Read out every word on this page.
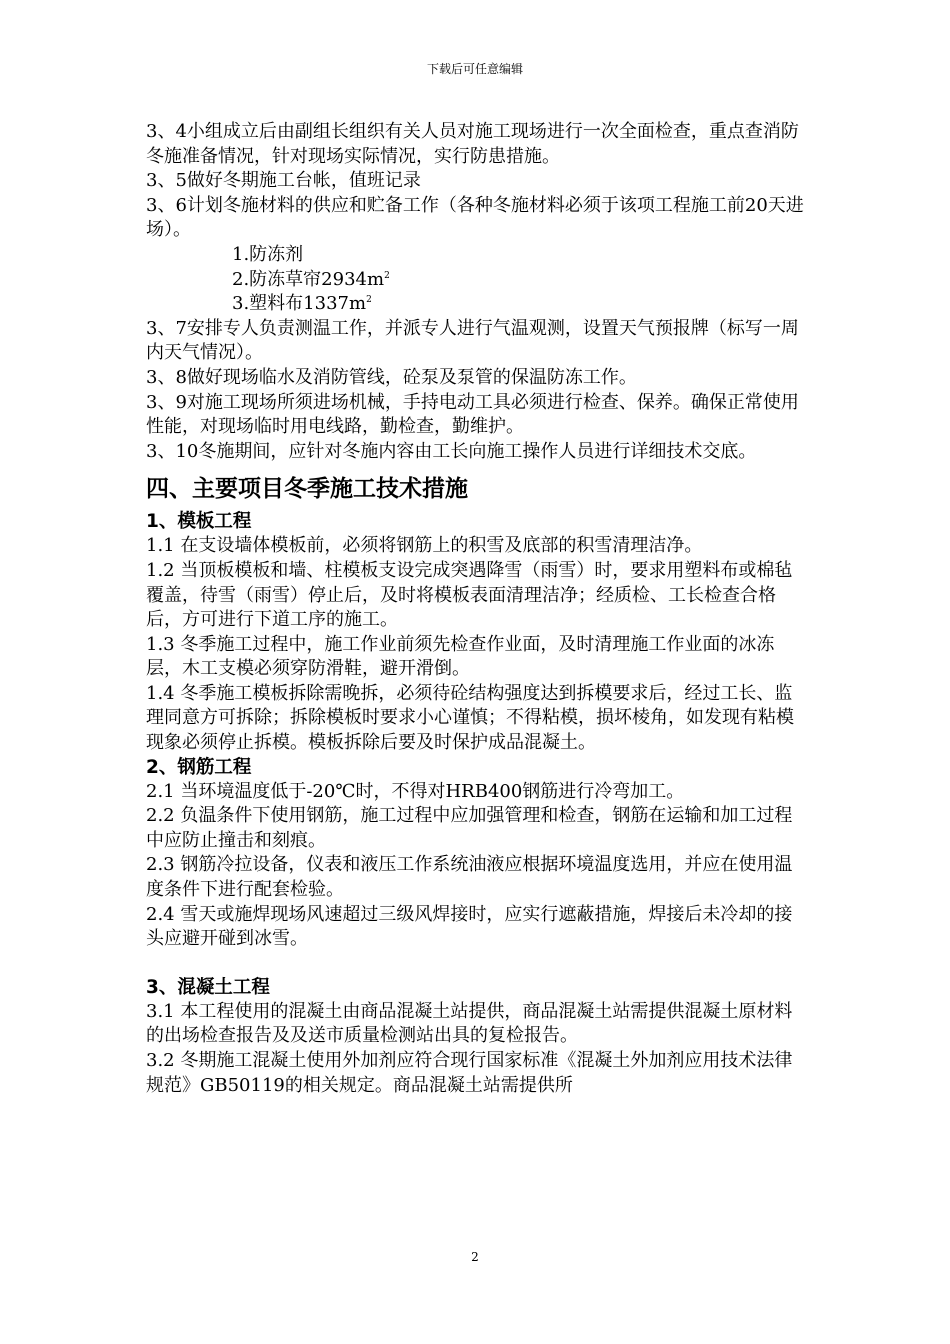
下载后可任意编辑

3、4小组成立后由副组长组织有关人员对施工现场进行一次全面检查，重点查消防冬施准备情况，针对现场实际情况，实行防患措施。

3、5做好冬期施工台帐，值班记录

3、6计划冬施材料的供应和贮备工作（各种冬施材料必须于该项工程施工前20天进场）。

1.防冻剂

2.防冻草帘$2934m^2$

3.塑料布$1337m^2$

3、7安排专人负责测温工作，并派专人进行气温观测，设置天气预报牌（标写一周内天气情况）。

3、8做好现场临水及消防管线，砼泵及泵管的保温防冻工作。

3、9对施工现场所须进场机械，手持电动工具必须进行检查、保养。确保正常使用性能，对现场临时用电线路，勤检查，勤维护。

3、10冬施期间，应针对冬施内容由工长向施工操作人员进行详细技术交底。

四、主要项目冬季施工技术措施
1、模板工程

1.1 在支设墙体模板前，必须将钢筋上的积雪及底部的积雪清理洁净。

1.2 当顶板模板和墙、柱模板支设完成突遇降雪（雨雪）时，要求用塑料布或棉毡覆盖，待雪（雨雪）停止后，及时将模板表面清理洁净；经质检、工长检查合格后，方可进行下道工序的施工。

1.3 冬季施工过程中，施工作业前须先检查作业面，及时清理施工作业面的冰冻层，木工支模必须穿防滑鞋，避开滑倒。

1.4 冬季施工模板拆除需晚拆，必须待砼结构强度达到拆模要求后，经过工长、监理同意方可拆除；拆除模板时要求小心谨慎；不得粘模，损坏棱角，如发现有粘模现象必须停止拆模。模板拆除后要及时保护成品混凝土。

2、钢筋工程

2.1 当环境温度低于-20℃时，不得对HRB400钢筋进行冷弯加工。

2.2 负温条件下使用钢筋，施工过程中应加强管理和检查，钢筋在运输和加工过程中应防止撞击和刻痕。

2.3 钢筋冷拉设备，仪表和液压工作系统油液应根据环境温度选用，并应在使用温度条件下进行配套检验。

2.4 雪天或施焊现场风速超过三级风焊接时，应实行遮蔽措施，焊接后未冷却的接头应避开碰到冰雪。

3、混凝土工程

3.1 本工程使用的混凝土由商品混凝土站提供，商品混凝土站需提供混凝土原材料的出场检查报告及及送市质量检测站出具的复检报告。

3.2 冬期施工混凝土使用外加剂应符合现行国家标准《混凝土外加剂应用技术法律规范》GB50119的相关规定。商品混凝土站需提供所

2
